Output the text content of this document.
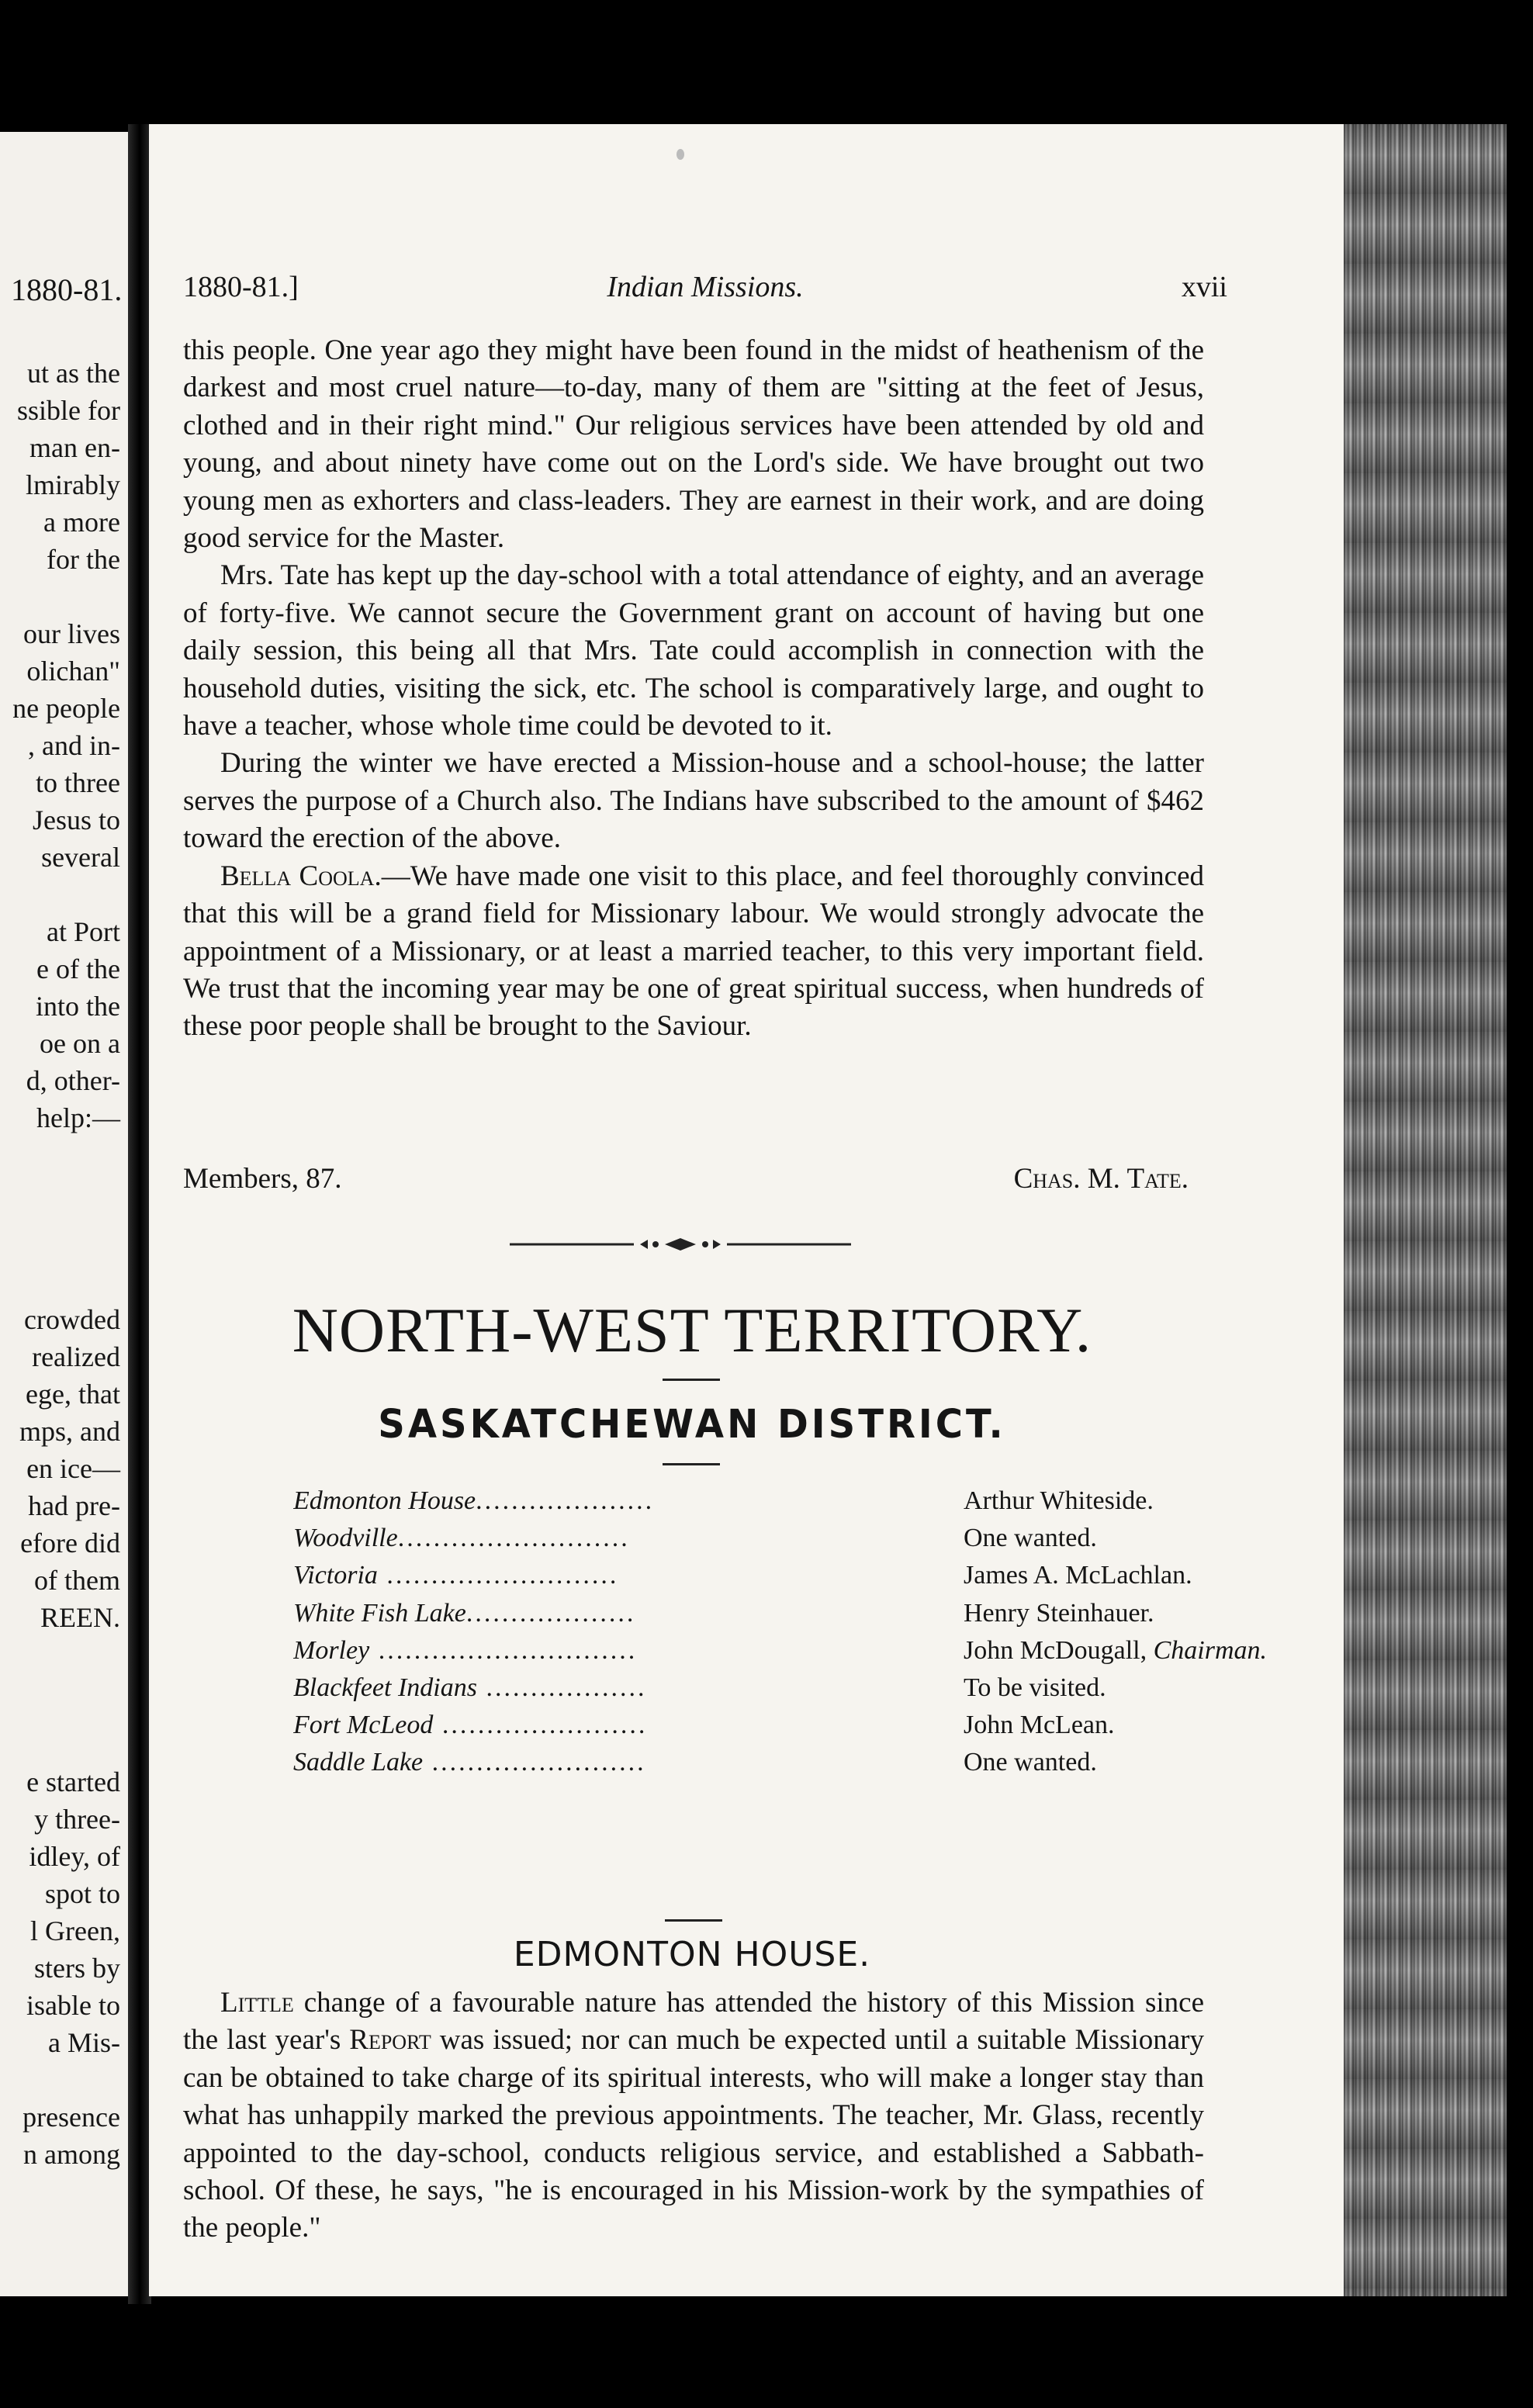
1880-81.
ut as the
ssible for
man en-
lmirably
a more
for the
our lives
olichan"
ne people
, and in-
to three
Jesus to
several
at Port
e of the
into the
oe on a
d, other-
help:—
crowded
realized
ege, that
mps, and
en ice—
had pre-
efore did
of them
REEN.
e started
y three-
idley, of
spot to
l Green,
sters by
isable to
a Mis-
presence
n among
1880-81.]	Indian Missions.	xvii

this people. One year ago they might have been found in the midst of heathenism of the darkest and most cruel nature—to-day, many of them are "sitting at the feet of Jesus, clothed and in their right mind." Our religious services have been attended by old and young, and about ninety have come out on the Lord's side. We have brought out two young men as exhorters and class-leaders. They are earnest in their work, and are doing good service for the Master.

Mrs. Tate has kept up the day-school with a total attendance of eighty, and an average of forty-five. We cannot secure the Government grant on account of having but one daily session, this being all that Mrs. Tate could accomplish in connection with the household duties, visiting the sick, etc. The school is comparatively large, and ought to have a teacher, whose whole time could be devoted to it.

During the winter we have erected a Mission-house and a school-house; the latter serves the purpose of a Church also. The Indians have subscribed to the amount of $462 toward the erection of the above.

Bella Coola.—We have made one visit to this place, and feel thoroughly convinced that this will be a grand field for Missionary labour. We would strongly advocate the appointment of a Missionary, or at least a married teacher, to this very important field. We trust that the incoming year may be one of great spiritual success, when hundreds of these poor people shall be brought to the Saviour.

Members, 87.	Chas. M. Tate.
NORTH-WEST TERRITORY.
SASKATCHEWAN DISTRICT.
Edmonton House....................	Arthur Whiteside.
Woodville..........................	One wanted.
Victoria ..........................	James A. McLachlan.
White Fish Lake...................	Henry Steinhauer.
Morley .............................	John McDougall, Chairman.
Blackfeet Indians ..................	To be visited.
Fort McLeod .......................	John McLean.
Saddle Lake ........................	One wanted.
EDMONTON HOUSE.

Little change of a favourable nature has attended the history of this Mission since the last year's Report was issued; nor can much be expected until a suitable Missionary can be obtained to take charge of its spiritual interests, who will make a longer stay than what has unhappily marked the previous appointments. The teacher, Mr. Glass, recently appointed to the day-school, conducts religious service, and established a Sabbath-school. Of these, he says, "he is encouraged in his Mission-work by the sympathies of the people."
